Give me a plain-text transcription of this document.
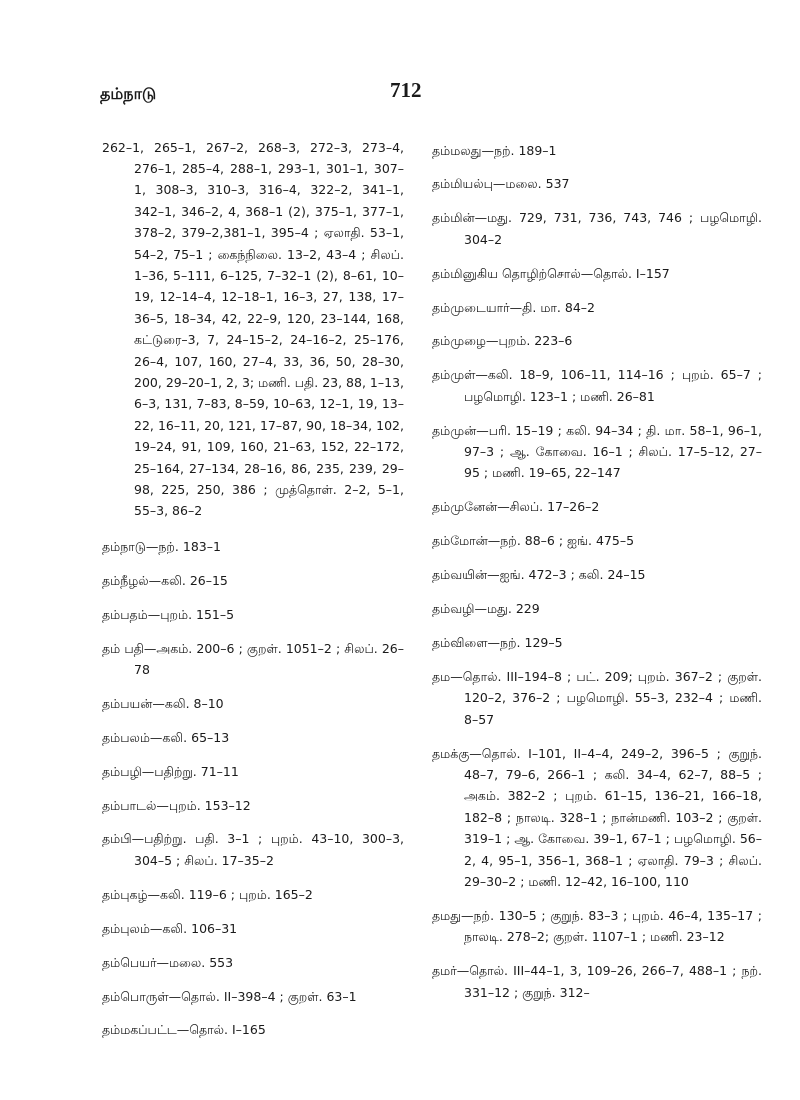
தம்நாடு	712

262–1, 265–1, 267–2, 268–3, 272–3, 273–4, 276–1, 285–4, 288–1, 293–1, 301–1, 307–1, 308–3, 310–3, 316–4, 322–2, 341–1, 342–1, 346–2, 4, 368–1 (2), 375–1, 377–1, 378–2, 379–2,381–1, 395–4 ; ஏலாதி. 53–1, 54–2, 75–1 ; கைந்நிலை. 13–2, 43–4 ; சிலப். 1–36, 5–111, 6–125, 7–32–1 (2), 8–61, 10–19, 12–14–4, 12–18–1, 16–3, 27, 138, 17–36–5, 18–34, 42, 22–9, 120, 23–144, 168, கட்டுரை–3, 7, 24–15–2, 24–16–2, 25–176, 26–4, 107, 160, 27–4, 33, 36, 50, 28–30, 200, 29–20–1, 2, 3; மணி. பதி. 23, 88, 1–13, 6–3, 131, 7–83, 8–59, 10–63, 12–1, 19, 13–22, 16–11, 20, 121, 17–87, 90, 18–34, 102, 19–24, 91, 109, 160, 21–63, 152, 22–172, 25–164, 27–134, 28–16, 86, 235, 239, 29–98, 225, 250, 386 ; முத்தொள். 2–2, 5–1, 55–3, 86–2

தம்நாடு—நற். 183–1

தம்நீழல்—கலி. 26–15

தம்பதம்—புறம். 151–5

தம் பதி—அகம். 200–6 ; குறள். 1051–2 ; சிலப். 26–78

தம்பயன்—கலி. 8–10

தம்பலம்—கலி. 65–13

தம்பழி—பதிற்று. 71–11

தம்பாடல்—புறம். 153–12

தம்பி—பதிற்று. பதி. 3–1 ; புறம். 43–10, 300–3, 304–5 ; சிலப். 17–35–2

தம்புகழ்—கலி. 119–6 ; புறம். 165–2

தம்புலம்—கலி. 106–31

தம்பெயர்—மலை. 553

தம்பொருள்—தொல். II–398–4 ; குறள். 63–1

தம்மகப்பட்ட—தொல். I–165

தம்மலது—நற். 189–1

தம்மியல்பு—மலை. 537

தம்மின்—மது. 729, 731, 736, 743, 746 ; பழமொழி. 304–2

தம்மினுகிய தொழிற்சொல்—தொல். I–157

தம்முடையார்—தி. மா. 84–2

தம்முழை—புறம். 223–6

தம்முள்—கலி. 18–9, 106–11, 114–16 ; புறம். 65–7 ; பழமொழி. 123–1 ; மணி. 26–81

தம்முன்—பரி. 15–19 ; கலி. 94–34 ; தி. மா. 58–1, 96–1, 97–3 ; ஆ. கோவை. 16–1 ; சிலப். 17–5–12, 27–95 ; மணி. 19–65, 22–147

தம்முனேன்—சிலப். 17–26–2

தம்மோன்—நற். 88–6 ; ஐங். 475–5

தம்வயின்—ஐங். 472–3 ; கலி. 24–15

தம்வழி—மது. 229

தம்விளை—நற். 129–5

தம—தொல். III–194–8 ; பட். 209; புறம். 367–2 ; குறள். 120–2, 376–2 ; பழமொழி. 55–3, 232–4 ; மணி. 8–57

தமக்கு—தொல். I–101, II–4–4, 249–2, 396–5 ; குறுந். 48–7, 79–6, 266–1 ; கலி. 34–4, 62–7, 88–5 ; அகம். 382–2 ; புறம். 61–15, 136–21, 166–18, 182–8 ; நாலடி. 328–1 ; நான்மணி. 103–2 ; குறள். 319–1 ; ஆ. கோவை. 39–1, 67–1 ; பழமொழி. 56–2, 4, 95–1, 356–1, 368–1 ; ஏலாதி. 79–3 ; சிலப். 29–30–2 ; மணி. 12–42, 16–100, 110

தமது—நற். 130–5 ; குறுந். 83–3 ; புறம். 46–4, 135–17 ; நாலடி. 278–2; குறள். 1107–1 ; மணி. 23–12

தமர்—தொல். III–44–1, 3, 109–26, 266–7, 488–1 ; நற். 331–12 ; குறுந். 312–
